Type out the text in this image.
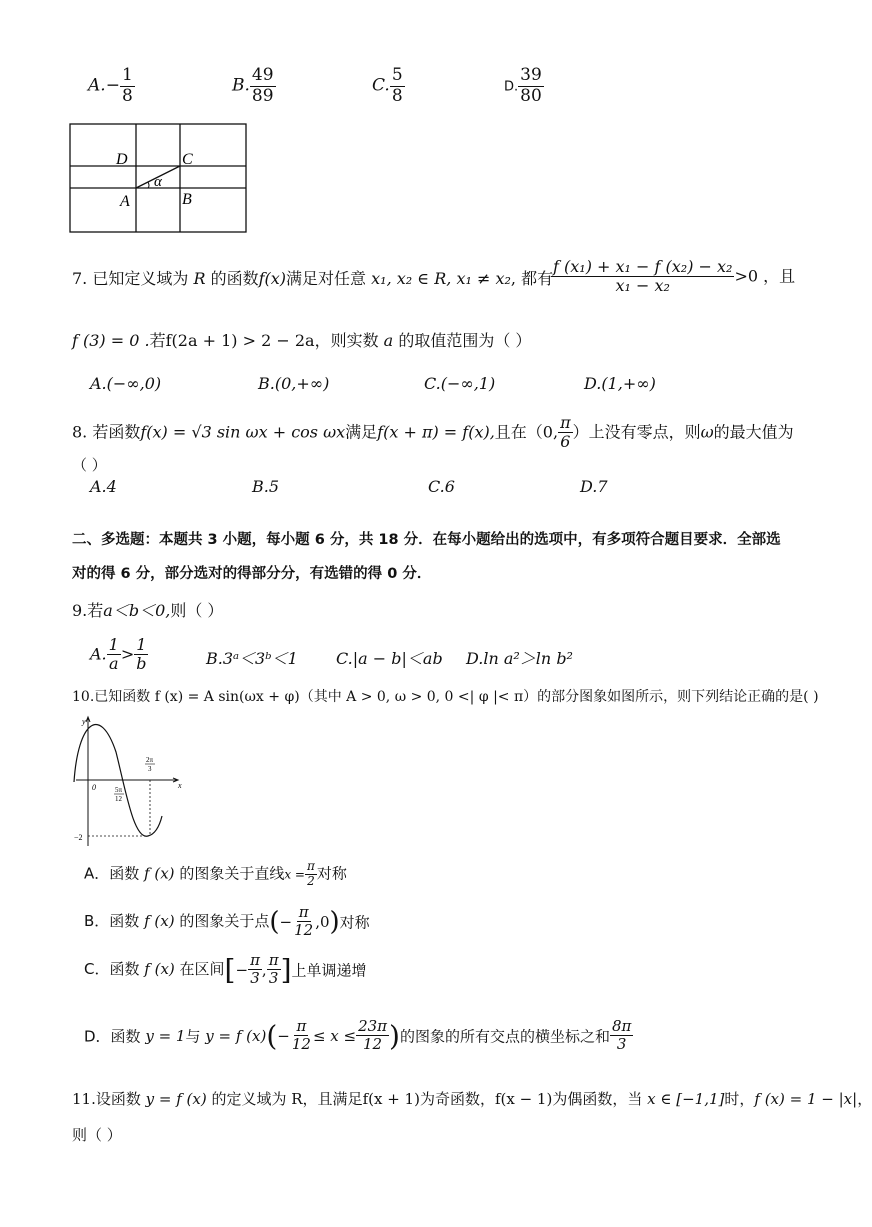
$A.- \frac{1}{8}$	B. $\frac{49}{89}$	C. $\frac{5}{8}$	D. $\frac{39}{80}$
D	C
α
A	B
7. 已知定义域为 R 的函数f(x)满足对任意 x₁, x₂ ∈ R, x₁ ≠ x₂, 都有
$\frac{\text{f (x₁) + x₁ − f (x₂) − x₂}}{\text{x₁ − x₂}} >0$ ，且
f (3) = 0 .若f(2a + 1) > 2 − 2a，则实数 a 的取值范围为（ ）
A.(−∞,0)	B.(0,+∞)	C.(−∞,1)	D.(1,+∞)
8. 若函数f(x) = √3 sin ωx + cos ωx满足f(x + π) = f(x),且在（0, $\frac{\pi}{6}$ ）上没有零点，则ω的最大值为
（ ）
A.4	B.5	C.6	D.7
二、多选题：本题共 3 小题，每小题 6 分，共 18 分．在每小题给出的选项中，有多项符合题目要求．全部选
对的得 6 分，部分选对的得部分分，有选错的得 0 分．
9.若a＜b＜0,则（ ）
A. $\frac{1}{a} > \frac{1}{b}$	B.3ᵃ＜3ᵇ＜1 C.|a − b|＜ab D.ln a²＞ln b²
10.已知函数 f (x) = A sin(ωx + φ)（其中 A > 0, ω > 0, 0 <| φ |< π）的部分图象如图所示，则下列结论正确的是( )
y
x
0	5π
12
2π
3
−2
A．函数 f (x) 的图象关于直线$x = \frac{\pi}{2}$ 对称
B．函数 f (x) 的图象关于点(− $\frac{\pi}{12} ,0$)对称
C．函数 f (x) 在区间[− $\frac{\pi}{3}$ , $\frac{\pi}{3}$ ]上单调递增
D．函数 y = 1与 y = f $(x)(- \frac{\pi}{12} \le x \le \frac{23\pi}{12}$ )的图象的所有交点的横坐标之和 $\frac{8\pi}{3}$
11.设函数 y = f (x) 的定义域为 R，且满足f(x + 1)为奇函数，f(x − 1)为偶函数，当 x ∈ [−1,1]时，f (x) = 1 − |x|，
则（ ）
